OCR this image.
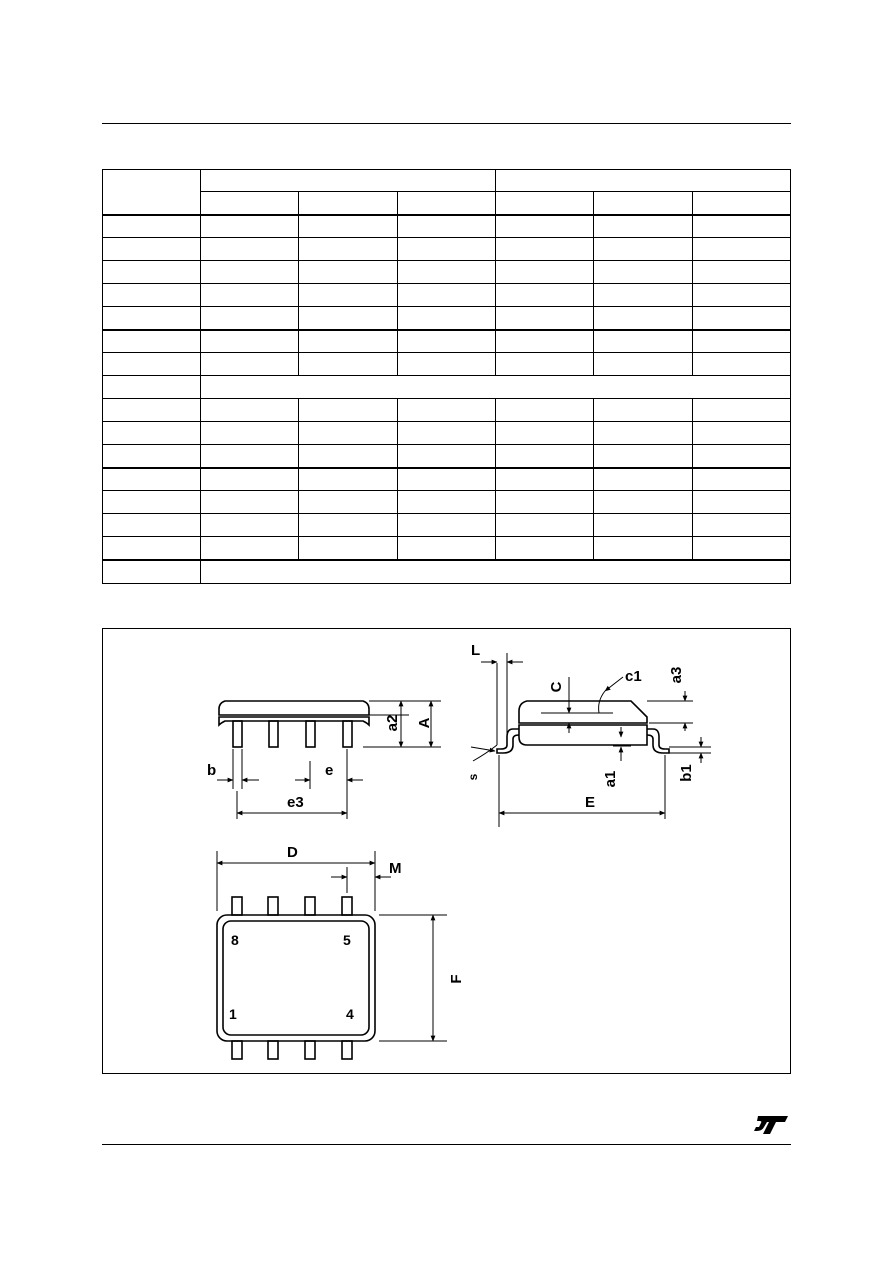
A
a2
b	e
e3
L
C
c1 a3
a1	b1
s
E
D
M
F
8	5
1	4
